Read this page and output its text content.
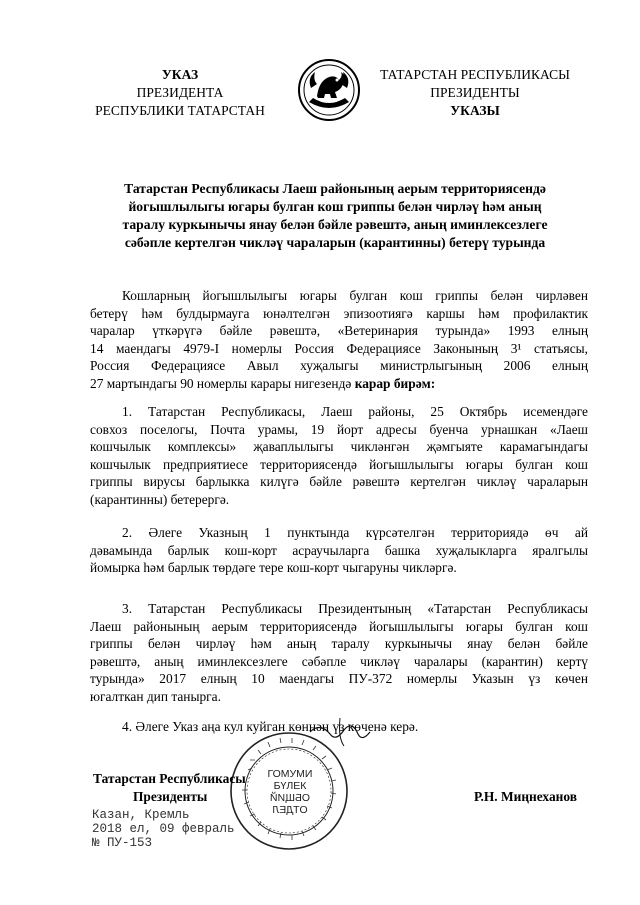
УКАЗ
ПРЕЗИДЕНТА
РЕСПУБЛИКИ ТАТАРСТАН
ТАТАРСТАН РЕСПУБЛИКАСЫ
ПРЕЗИДЕНТЫ
УКАЗЫ
Татарстан Республикасы Лаеш районының аерым территориясендә
йогышлылыгы югары булган кош гриппы белән чирләү һәм аның
таралу куркынычы янау белән бәйле рәвештә, аның иминлексезлеге
сәбәпле кертелгән чикләү чараларын (карантинны) бетерү турында
Кошларның йогышлылыгы югары булган кош гриппы белән чирләвен
бетерү һәм булдырмауга юнәлтелгән эпизоотиягә каршы һәм профилактик
чаралар үткәрүгә бәйле рәвештә, «Ветеринария турында» 1993 елның
14 маендагы 4979-I номерлы Россия Федерациясе Законының 3¹ статьясы,
Россия Федерациясе Авыл хуҗалыгы министрлыгының 2006 елның
27 мартындагы 90 номерлы карары нигезендә карар бирәм:
1. Татарстан Республикасы, Лаеш районы, 25 Октябрь исемендәге
совхоз поселогы, Почта урамы, 19 йорт адресы буенча урнашкан «Лаеш
кошчылык комплексы» җаваплылыгы чикләнгән җәмгыяте карамагындагы
кошчылык предприятиесе территориясендә йогышлылыгы югары булган кош
гриппы вирусы барлыкка килүгә бәйле рәвештә кертелгән чикләү чараларын
(карантинны) бетерергә.
2. Әлеге Указның 1 пунктында күрсәтелгән территориядә өч ай
дәвамында барлык кош-корт асраучыларга башка хуҗалыкларга яралгылы
йомырка һәм барлык төрдәге тере кош-корт чыгаруны чикләргә.
3. Татарстан Республикасы Президентының «Татарстан Республикасы
Лаеш районының аерым территориясендә йогышлылыгы югары булган кош
гриппы белән чирләү һәм аның таралу куркынычы янау белән бәйле
рәвештә, аның иминлексезлеге сәбәпле чикләү чаралары (карантин) кертү
турында» 2017 елның 10 маендагы ПУ-372 номерлы Указын үз көчен
югалткан дип танырга.
4. Әлеге Указ аңа кул куйган көннән үз көченә керә.
ГОМУМИ
БҮЛЕК
ОБЩИЙ
ОТДЕЛ
Татарстан Республикасы
Президенты	Р.Н. Миңнеханов
Казан, Кремль
2018 ел, 09 февраль
№ ПУ-153
